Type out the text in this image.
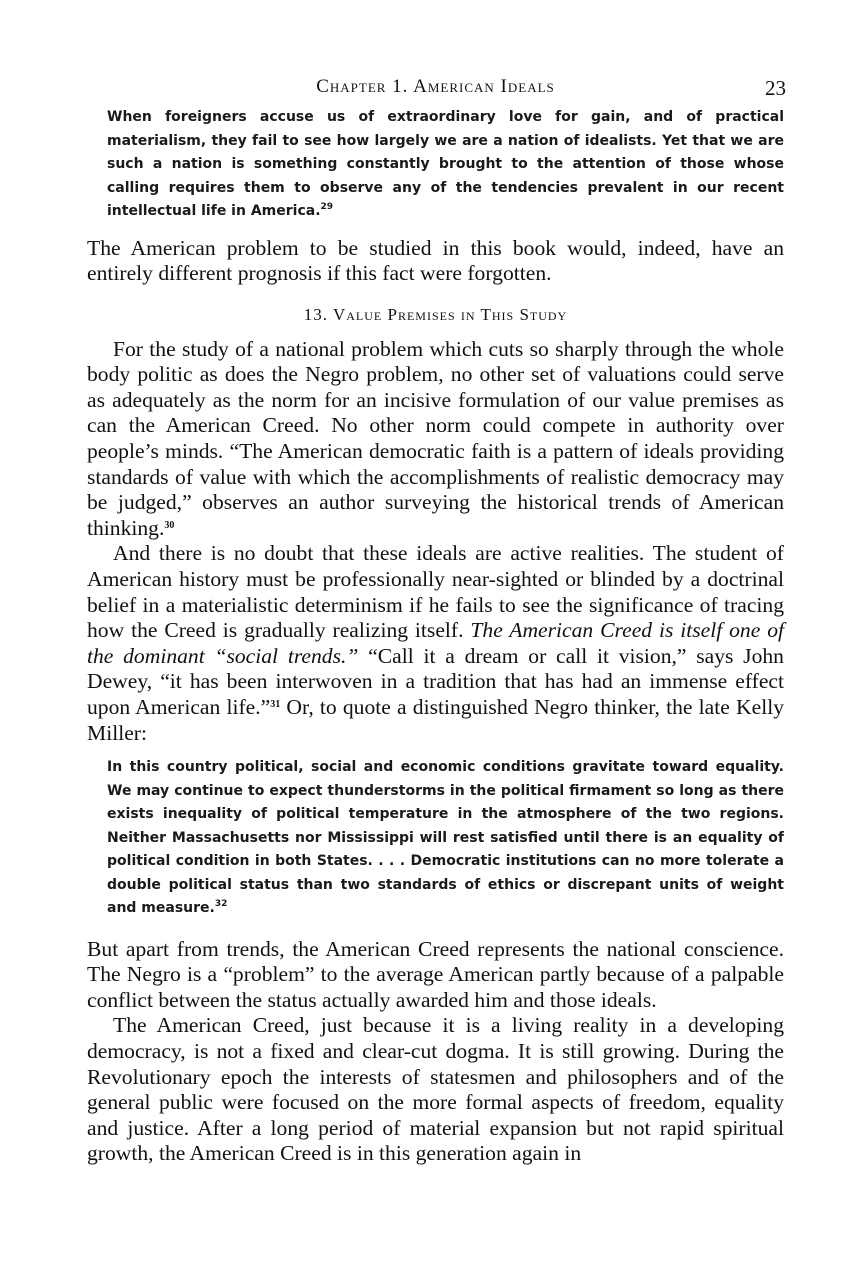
Chapter 1. American Ideals	23

When foreigners accuse us of extraordinary love for gain, and of practical materialism, they fail to see how largely we are a nation of idealists. Yet that we are such a nation is something constantly brought to the attention of those whose calling requires them to observe any of the tendencies prevalent in our recent intellectual life in America.$^{29}$

The American problem to be studied in this book would, indeed, have an entirely different prognosis if this fact were forgotten.

13. Value Premises in This Study

For the study of a national problem which cuts so sharply through the whole body politic as does the Negro problem, no other set of valuations could serve as adequately as the norm for an incisive formulation of our value premises as can the American Creed. No other norm could compete in authority over people’s minds. “The American democratic faith is a pattern of ideals providing standards of value with which the accomplishments of realistic democracy may be judged,” observes an author surveying the historical trends of American thinking.$^{30}$

And there is no doubt that these ideals are active realities. The student of American history must be professionally near-sighted or blinded by a doctrinal belief in a materialistic determinism if he fails to see the significance of tracing how the Creed is gradually realizing itself. The American Creed is itself one of the dominant “social trends.” “Call it a dream or call it vision,” says John Dewey, “it has been interwoven in a tradition that has had an immense effect upon American life.”$^{31}$ Or, to quote a distinguished Negro thinker, the late Kelly Miller:

In this country political, social and economic conditions gravitate toward equality. We may continue to expect thunderstorms in the political firmament so long as there exists inequality of political temperature in the atmosphere of the two regions. Neither Massachusetts nor Mississippi will rest satisfied until there is an equality of political condition in both States. . . . Democratic institutions can no more tolerate a double political status than two standards of ethics or discrepant units of weight and measure.$^{32}$

But apart from trends, the American Creed represents the national conscience. The Negro is a “problem” to the average American partly because of a palpable conflict between the status actually awarded him and those ideals.

The American Creed, just because it is a living reality in a developing democracy, is not a fixed and clear-cut dogma. It is still growing. During the Revolutionary epoch the interests of statesmen and philosophers and of the general public were focused on the more formal aspects of freedom, equality and justice. After a long period of material expansion but not rapid spiritual growth, the American Creed is in this generation again in
